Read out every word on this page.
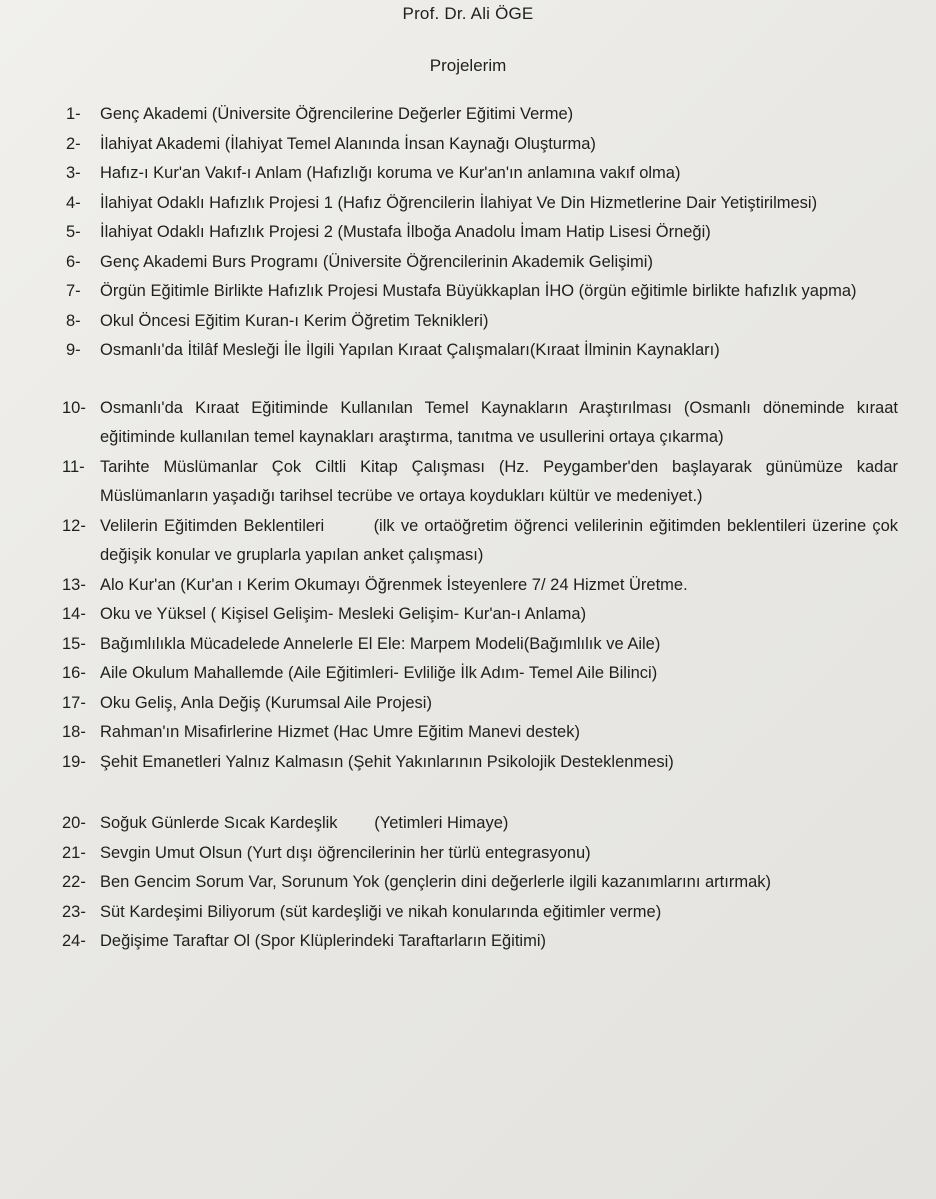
Prof. Dr. Ali ÖGE
Projelerim
1- Genç Akademi (Üniversite Öğrencilerine Değerler Eğitimi Verme)
2- İlahiyat Akademi (İlahiyat Temel Alanında İnsan Kaynağı Oluşturma)
3- Hafız-ı Kur'an Vakıf-ı Anlam (Hafızlığı koruma ve Kur'an'ın anlamına vakıf olma)
4- İlahiyat Odaklı Hafızlık Projesi 1 (Hafız Öğrencilerin İlahiyat Ve Din Hizmetlerine Dair Yetiştirilmesi)
5- İlahiyat Odaklı Hafızlık Projesi 2 (Mustafa İlboğa Anadolu İmam Hatip Lisesi Örneği)
6- Genç Akademi Burs Programı (Üniversite Öğrencilerinin Akademik Gelişimi)
7- Örgün Eğitimle Birlikte Hafızlık Projesi Mustafa Büyükkaplan İHO (örgün eğitimle birlikte hafızlık yapma)
8- Okul Öncesi Eğitim Kuran-ı Kerim Öğretim Teknikleri)
9- Osmanlı'da İtilâf Mesleği İle İlgili Yapılan Kıraat Çalışmaları(Kıraat İlminin Kaynakları)
10- Osmanlı'da Kıraat Eğitiminde Kullanılan Temel Kaynakların Araştırılması (Osmanlı döneminde kıraat eğitiminde kullanılan temel kaynakları araştırma, tanıtma ve usullerini ortaya çıkarma)
11- Tarihte Müslümanlar Çok Ciltli Kitap Çalışması (Hz. Peygamber'den başlayarak günümüze kadar Müslümanların yaşadığı tarihsel tecrübe ve ortaya koydukları kültür ve medeniyet.)
12- Velilerin Eğitimden Beklentileri        (ilk ve ortaöğretim öğrenci velilerinin eğitimden beklentileri üzerine çok değişik konular ve gruplarla yapılan anket çalışması)
13- Alo Kur'an (Kur'an ı Kerim Okumayı Öğrenmek İsteyenlere 7/ 24 Hizmet Üretme.
14- Oku ve Yüksel ( Kişisel Gelişim- Mesleki Gelişim- Kur'an-ı Anlama)
15- Bağımlılıkla Mücadelede Annelerle El Ele: Marpem Modeli(Bağımlılık ve Aile)
16- Aile Okulum Mahallemde (Aile Eğitimleri- Evliliğe İlk Adım- Temel Aile Bilinci)
17- Oku Geliş, Anla Değiş (Kurumsal Aile Projesi)
18- Rahman'ın Misafirlerine Hizmet (Hac Umre Eğitim Manevi destek)
19- Şehit Emanetleri Yalnız Kalmasın (Şehit Yakınlarının Psikolojik Desteklenmesi)
20- Soğuk Günlerde Sıcak Kardeşlik        (Yetimleri Himaye)
21- Sevgin Umut Olsun (Yurt dışı öğrencilerinin her türlü entegrasyonu)
22- Ben Gencim Sorum Var, Sorunum Yok (gençlerin dini değerlerle ilgili kazanımlarını artırmak)
23- Süt Kardeşimi Biliyorum (süt kardeşliği ve nikah konularında eğitimler verme)
24- Değişime Taraftar Ol (Spor Klüplerindeki Taraftarların Eğitimi)
